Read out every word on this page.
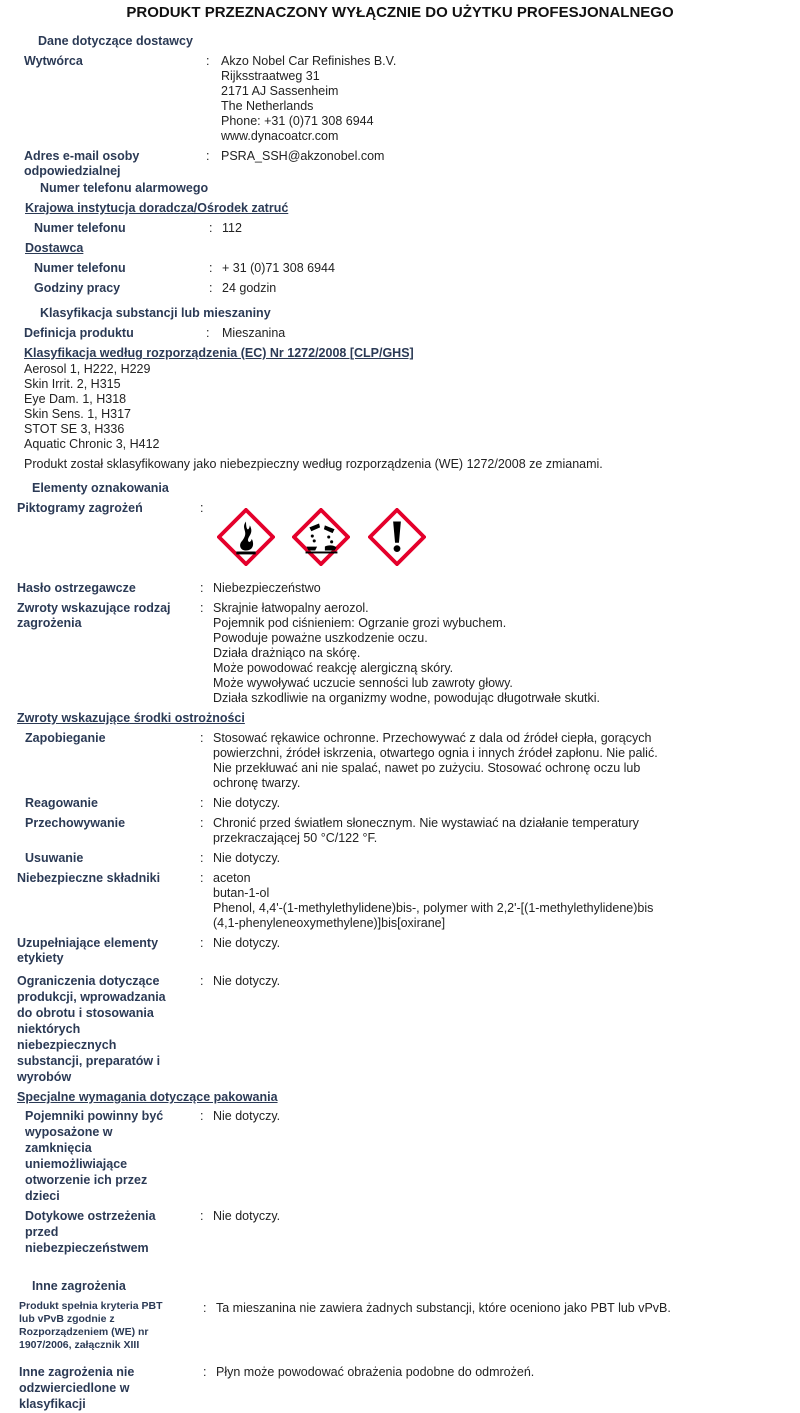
PRODUKT PRZEZNACZONY WYŁĄCZNIE DO UŻYTKU PROFESJONALNEGO
Dane dotyczące dostawcy
Wytwórca	: Akzo Nobel Car Refinishes B.V.
Rijksstraatweg 31
2171 AJ Sassenheim
The Netherlands
Phone: +31 (0)71 308 6944
www.dynacoatcr.com
Adres e-mail osoby
odpowiedzialnej
: PSRA_SSH@akzonobel.com
Numer telefonu alarmowego
Krajowa instytucja doradcza/Ośrodek zatruć
Numer telefonu	: 112
Dostawca
Numer telefonu	: + 31 (0)71 308 6944
Godziny pracy	: 24 godzin
Klasyfikacja substancji lub mieszaniny
Definicja produktu	: Mieszanina
Klasyfikacja według rozporządzenia (EC) Nr 1272/2008 [CLP/GHS]
Aerosol 1, H222, H229
Skin Irrit. 2, H315
Eye Dam. 1, H318
Skin Sens. 1, H317
STOT SE 3, H336
Aquatic Chronic 3, H412
Produkt został sklasyfikowany jako niebezpieczny według rozporządzenia (WE) 1272/2008 ze zmianami.
Elementy oznakowania
Piktogramy zagrożeń	:
Hasło ostrzegawcze	: Niebezpieczeństwo
Zwroty wskazujące rodzaj
zagrożenia
: Skrajnie łatwopalny aerozol.
Pojemnik pod ciśnieniem: Ogrzanie grozi wybuchem.
Powoduje poważne uszkodzenie oczu.
Działa drażniąco na skórę.
Może powodować reakcję alergiczną skóry.
Może wywoływać uczucie senności lub zawroty głowy.
Działa szkodliwie na organizmy wodne, powodując długotrwałe skutki.
Zwroty wskazujące środki ostrożności
Zapobieganie	: Stosować rękawice ochronne. Przechowywać z dala od źródeł ciepła, gorących
powierzchni, źródeł iskrzenia, otwartego ognia i innych źródeł zapłonu. Nie palić.
Nie przekłuwać ani nie spalać, nawet po zużyciu. Stosować ochronę oczu lub
ochronę twarzy.
Reagowanie	: Nie dotyczy.
Przechowywanie	: Chronić przed światłem słonecznym. Nie wystawiać na działanie temperatury
przekraczającej 50 °C/122 °F.
Usuwanie	: Nie dotyczy.
Niebezpieczne składniki	: aceton
butan-1-ol
Phenol, 4,4'-(1-methylethylidene)bis-, polymer with 2,2'-[(1-methylethylidene)bis
(4,1-phenyleneoxymethylene)]bis[oxirane]
Uzupełniające elementy
etykiety
: Nie dotyczy.
Ograniczenia dotyczące
produkcji, wprowadzania
do obrotu i stosowania
niektórych
niebezpiecznych
substancji, preparatów i
wyrobów
: Nie dotyczy.
Specjalne wymagania dotyczące pakowania
Pojemniki powinny być
wyposażone w
zamknięcia
uniemożliwiające
otworzenie ich przez
dzieci
: Nie dotyczy.
Dotykowe ostrzeżenia
przed
niebezpieczeństwem
: Nie dotyczy.
Inne zagrożenia
Produkt spełnia kryteria PBT
lub vPvB zgodnie z
Rozporządzeniem (WE) nr
1907/2006, załącznik XIII
: Ta mieszanina nie zawiera żadnych substancji, które oceniono jako PBT lub vPvB.
Inne zagrożenia nie
odzwierciedlone w
klasyfikacji
: Płyn może powodować obrażenia podobne do odmrożeń.
